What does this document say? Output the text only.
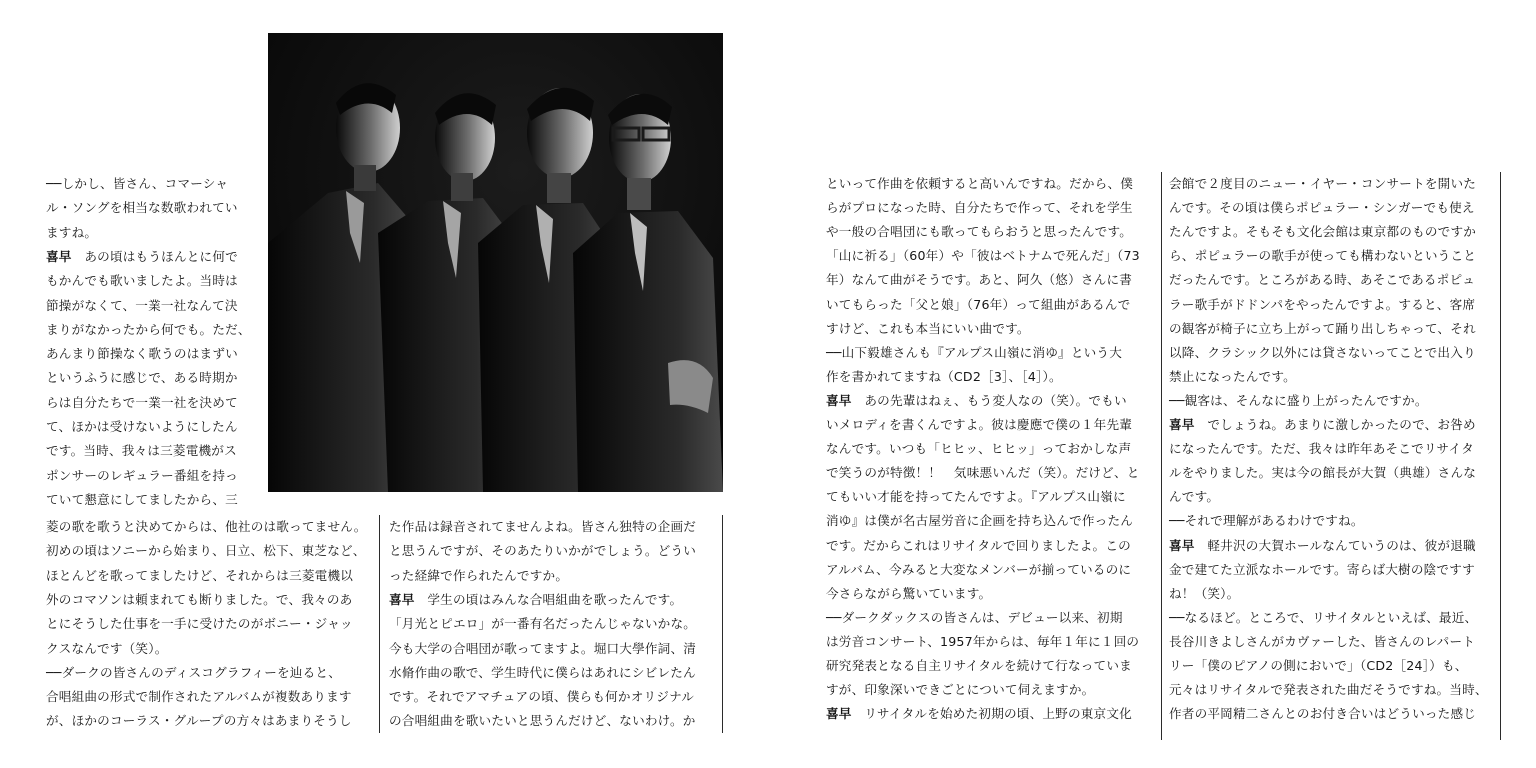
──しかし、皆さん、コマーシャ
ル・ソングを相当な数歌われてい
ますね。
喜早　あの頃はもうほんとに何で
もかんでも歌いましたよ。当時は
節操がなくて、一業一社なんて決
まりがなかったから何でも。ただ、
あんまり節操なく歌うのはまずい
というふうに感じで、ある時期か
らは自分たちで一業一社を決めて
て、ほかは受けないようにしたん
です。当時、我々は三菱電機がス
ポンサーのレギュラー番組を持っ
ていて懇意にしてましたから、三
菱の歌を歌うと決めてからは、他社のは歌ってません。
初めの頃はソニーから始まり、日立、松下、東芝など、
ほとんどを歌ってましたけど、それからは三菱電機以
外のコマソンは頼まれても断りました。で、我々のあ
とにそうした仕事を一手に受けたのがボニー・ジャッ
クスなんです（笑）。
──ダークの皆さんのディスコグラフィーを辿ると、
合唱組曲の形式で制作されたアルバムが複数あります
が、ほかのコーラス・グループの方々はあまりそうし
た作品は録音されてませんよね。皆さん独特の企画だ
と思うんですが、そのあたりいかがでしょう。どうい
った経緯で作られたんですか。
喜早　学生の頃はみんな合唱組曲を歌ったんです。
「月光とピエロ」が一番有名だったんじゃないかな。
今も大学の合唱団が歌ってますよ。堀口大學作詞、清
水脩作曲の歌で、学生時代に僕らはあれにシビレたん
です。それでアマチュアの頃、僕らも何かオリジナル
の合唱組曲を歌いたいと思うんだけど、ないわけ。か
といって作曲を依頼すると高いんですね。だから、僕
らがプロになった時、自分たちで作って、それを学生
や一般の合唱団にも歌ってもらおうと思ったんです。
「山に祈る」（60年）や「彼はベトナムで死んだ」（73
年）なんて曲がそうです。あと、阿久（悠）さんに書
いてもらった「父と娘」（76年）って組曲があるんで
すけど、これも本当にいい曲です。
──山下毅雄さんも『アルプス山嶺に消ゆ』という大
作を書かれてますね（CD2［3］、［4］）。
喜早　あの先輩はねぇ、もう変人なの（笑）。でもい
いメロディを書くんですよ。彼は慶應で僕の１年先輩
なんです。いつも「ヒヒッ、ヒヒッ」っておかしな声
で笑うのが特徴！！　気味悪いんだ（笑）。だけど、と
てもいい才能を持ってたんですよ。『アルプス山嶺に
消ゆ』は僕が名古屋労音に企画を持ち込んで作ったん
です。だからこれはリサイタルで回りましたよ。この
アルバム、今みると大変なメンバーが揃っているのに
今さらながら驚いています。
──ダークダックスの皆さんは、デビュー以来、初期
は労音コンサート、1957年からは、毎年１年に１回の
研究発表となる自主リサイタルを続けて行なっていま
すが、印象深いできごとについて伺えますか。
喜早　リサイタルを始めた初期の頃、上野の東京文化
会館で２度目のニュー・イヤー・コンサートを開いた
んです。その頃は僕らポピュラー・シンガーでも使え
たんですよ。そもそも文化会館は東京都のものですか
ら、ポピュラーの歌手が使っても構わないということ
だったんです。ところがある時、あそこであるポピュ
ラー歌手がドドンパをやったんですよ。すると、客席
の観客が椅子に立ち上がって踊り出しちゃって、それ
以降、クラシック以外には貸さないってことで出入り
禁止になったんです。
──観客は、そんなに盛り上がったんですか。
喜早　でしょうね。あまりに激しかったので、お咎め
になったんです。ただ、我々は昨年あそこでリサイタ
ルをやりました。実は今の館長が大賀（典雄）さんな
んです。
──それで理解があるわけですね。
喜早　軽井沢の大賀ホールなんていうのは、彼が退職
金で建てた立派なホールです。寄らば大樹の陰ですす
ね！（笑）。
──なるほど。ところで、リサイタルといえば、最近、
長谷川きよしさんがカヴァーした、皆さんのレパート
リー「僕のピアノの側においで」（CD2［24］）も、
元々はリサイタルで発表された曲だそうですね。当時、
作者の平岡精二さんとのお付き合いはどういった感じ
